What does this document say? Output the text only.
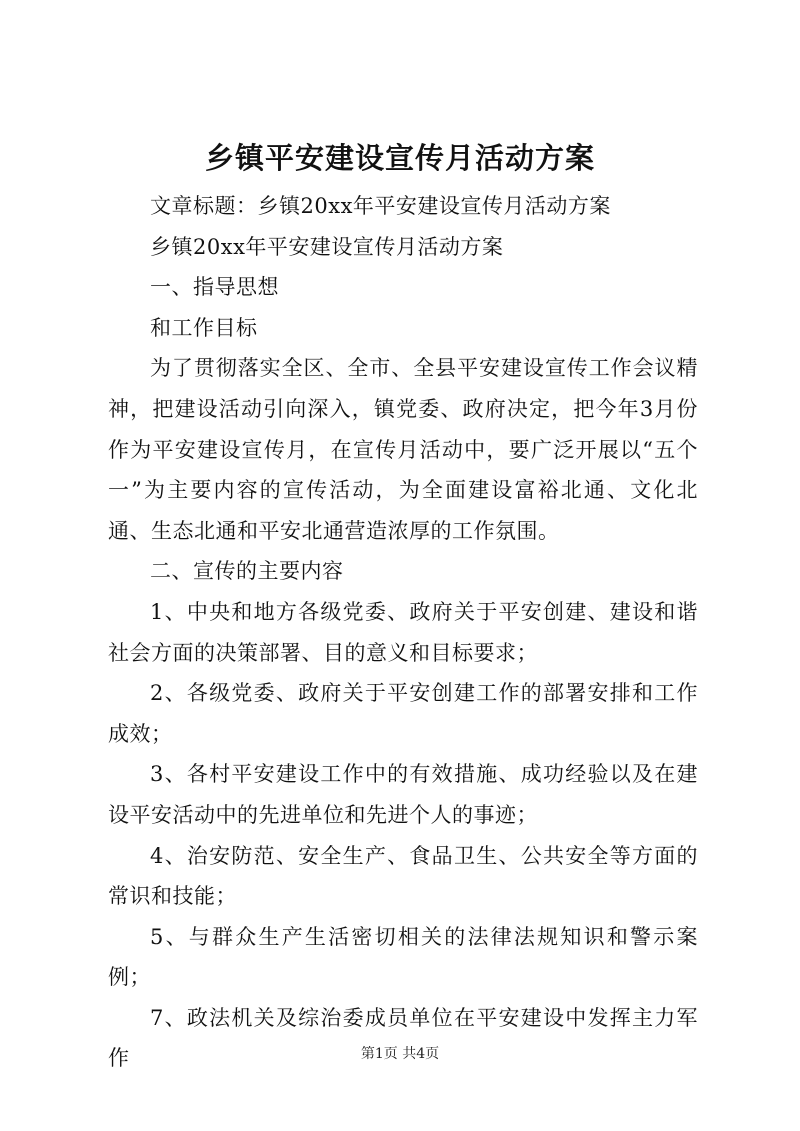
乡镇平安建设宣传月活动方案

文章标题：乡镇20xx年平安建设宣传月活动方案

乡镇20xx年平安建设宣传月活动方案

一、指导思想

和工作目标

为了贯彻落实全区、全市、全县平安建设宣传工作会议精神，把建设活动引向深入，镇党委、政府决定，把今年3月份作为平安建设宣传月，在宣传月活动中，要广泛开展以“五个一”为主要内容的宣传活动，为全面建设富裕北通、文化北通、生态北通和平安北通营造浓厚的工作氛围。

二、宣传的主要内容

1、中央和地方各级党委、政府关于平安创建、建设和谐社会方面的决策部署、目的意义和目标要求；

2、各级党委、政府关于平安创建工作的部署安排和工作成效；

3、各村平安建设工作中的有效措施、成功经验以及在建设平安活动中的先进单位和先进个人的事迹；

4、治安防范、安全生产、食品卫生、公共安全等方面的常识和技能；

5、与群众生产生活密切相关的法律法规知识和警示案例；

7、政法机关及综治委成员单位在平安建设中发挥主力军作	第1页 共4页
